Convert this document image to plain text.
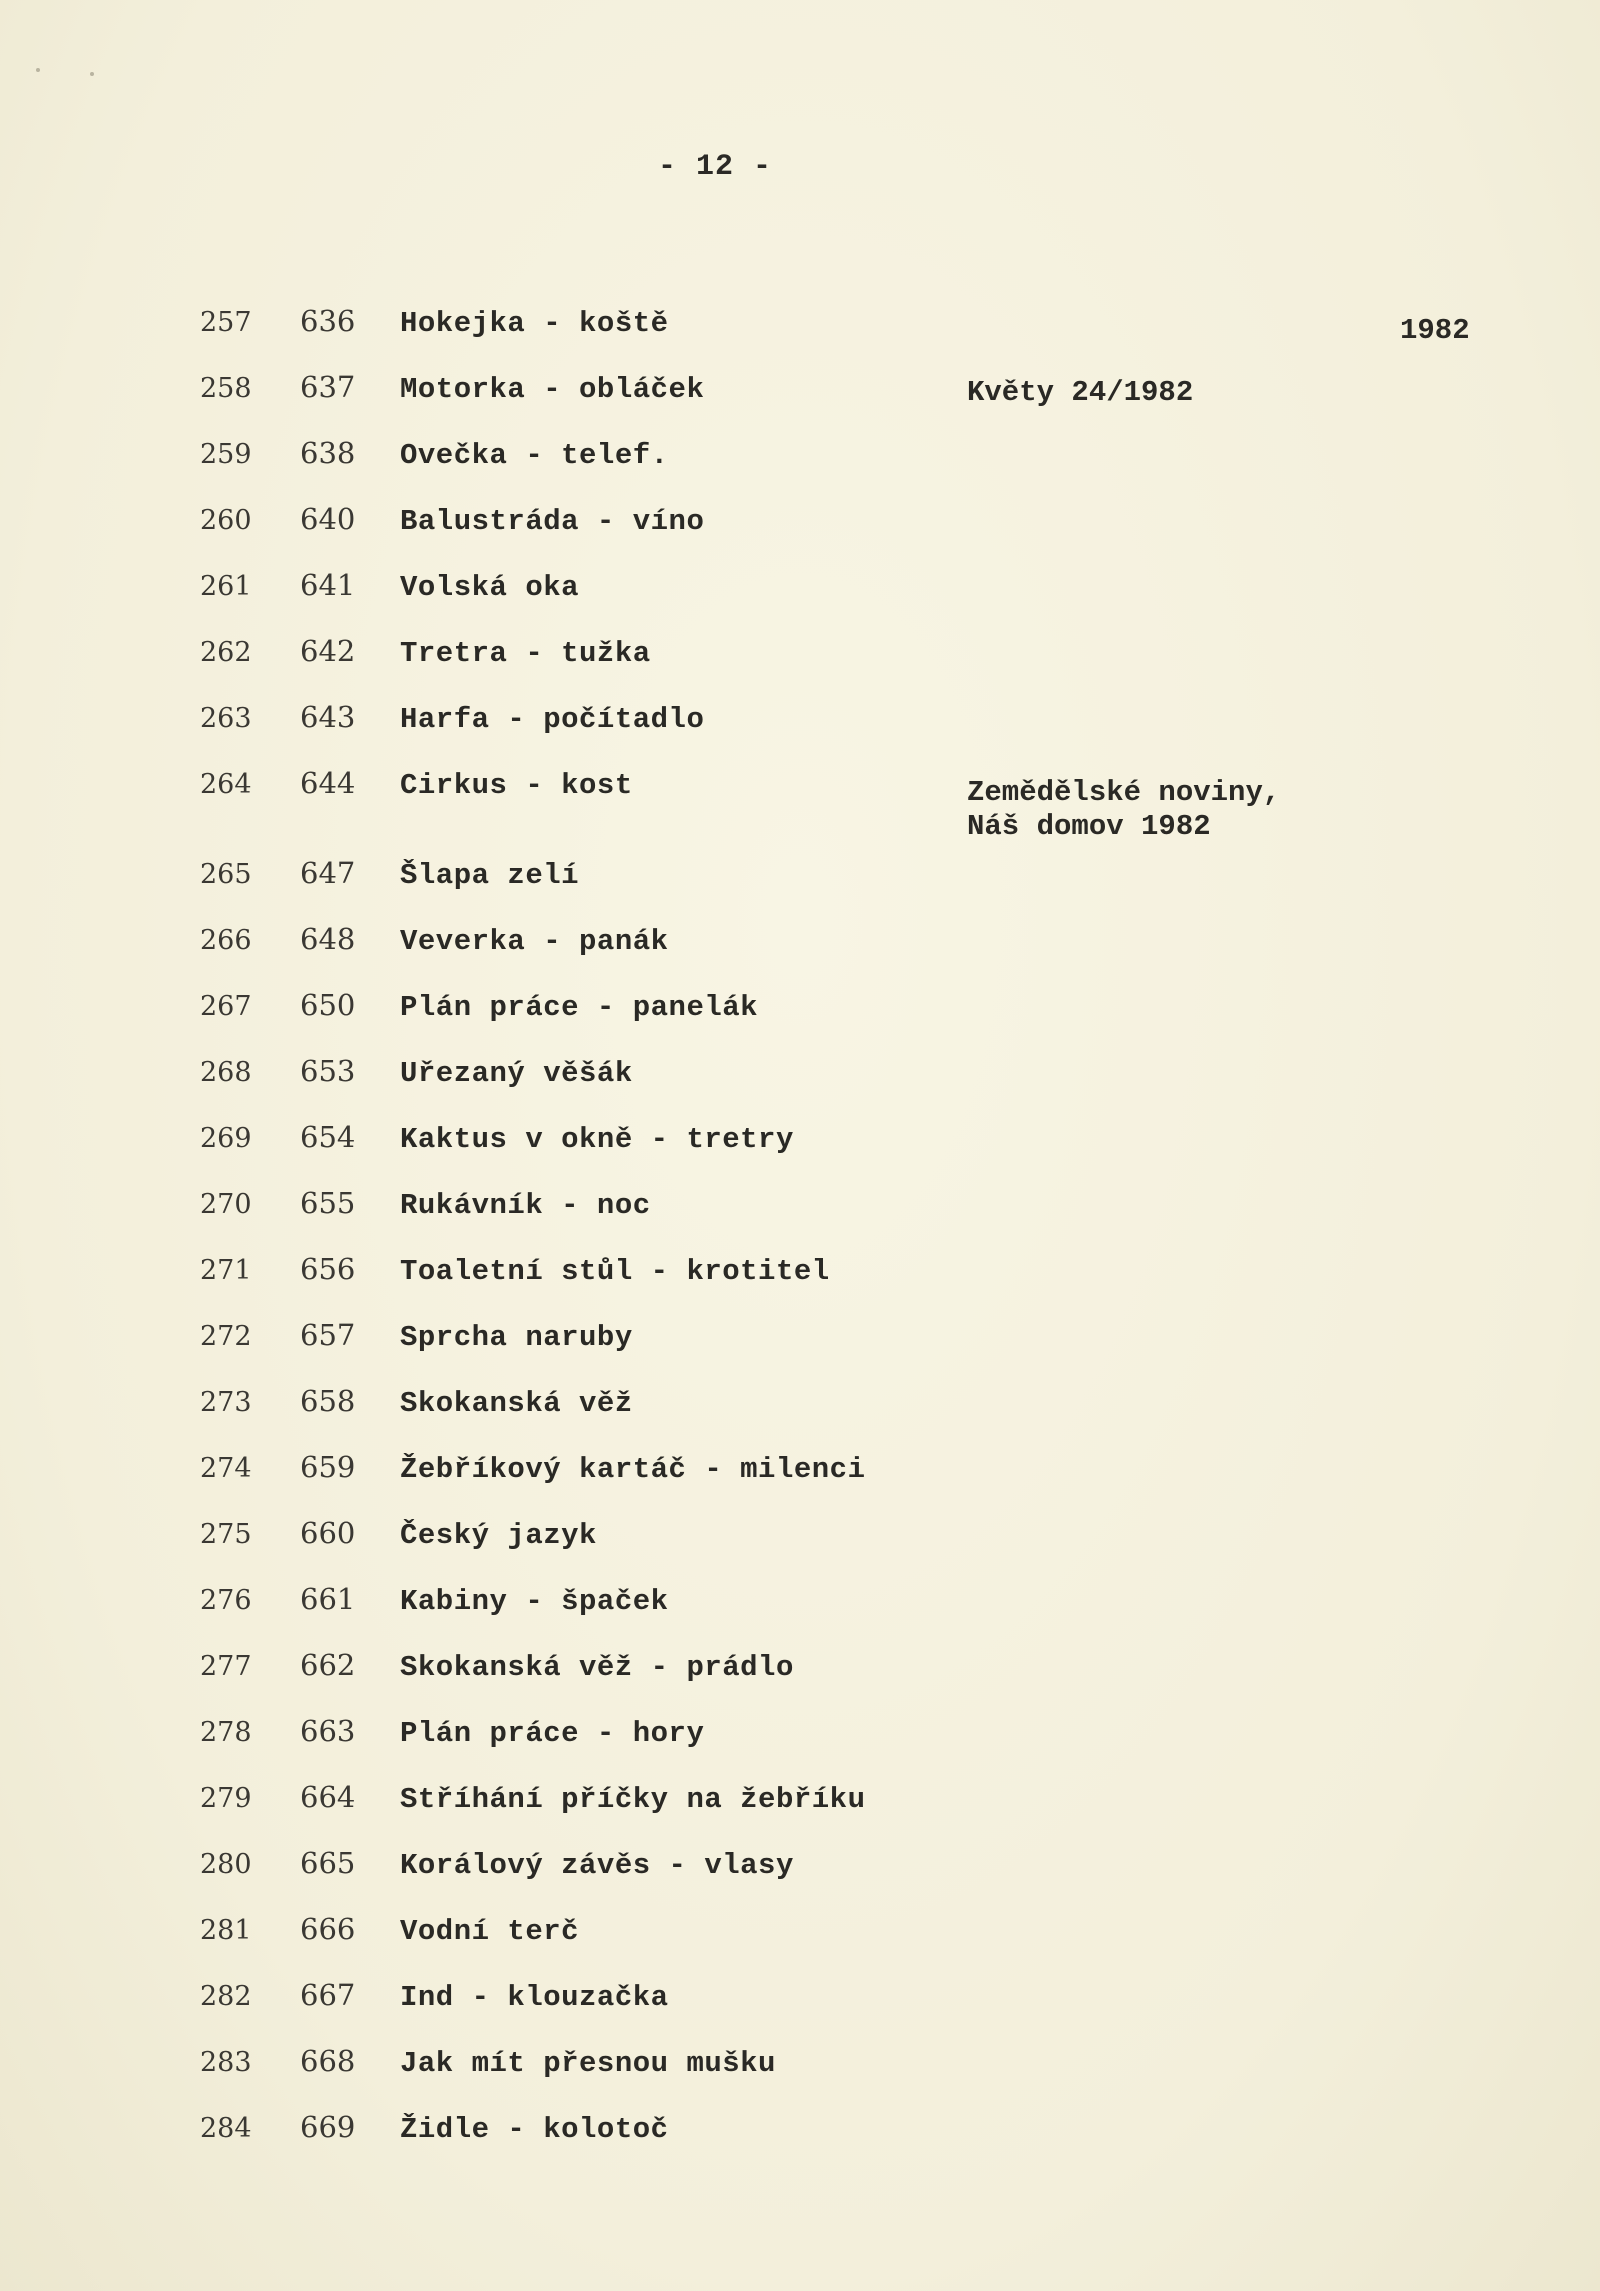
- 12 -
257 636 Hokejka - koště
258 637 Motorka - obláček
259 638 Ovečka - telef.
260 640 Balustráda - víno
261 641 Volská oka
262 642 Tretra - tužka
263 643 Harfa - počítadlo
264 644 Cirkus - kost
265 647 Šlapa zelí
266 648 Veverka - panák
267 650 Plán práce - panelák
268 653 Uřezaný věšák
269 654 Kaktus v okně - tretry
270 655 Rukávník - noc
271 656 Toaletní stůl - krotitel
272 657 Sprcha naruby
273 658 Skokanská věž
274 659 Žebříkový kartáč - milenci
275 660 Český jazyk
276 661 Kabiny - špaček
277 662 Skokanská věž - prádlo
278 663 Plán práce - hory
279 664 Stříhání příčky na žebříku
280 665 Korálový závěs - vlasy
281 666 Vodní terč
282 667 Ind - klouzačka
283 668 Jak mít přesnou mušku
284 669 Židle - kolotoč
1982
Květy 24/1982
Zemědělské noviny,
Náš domov 1982
